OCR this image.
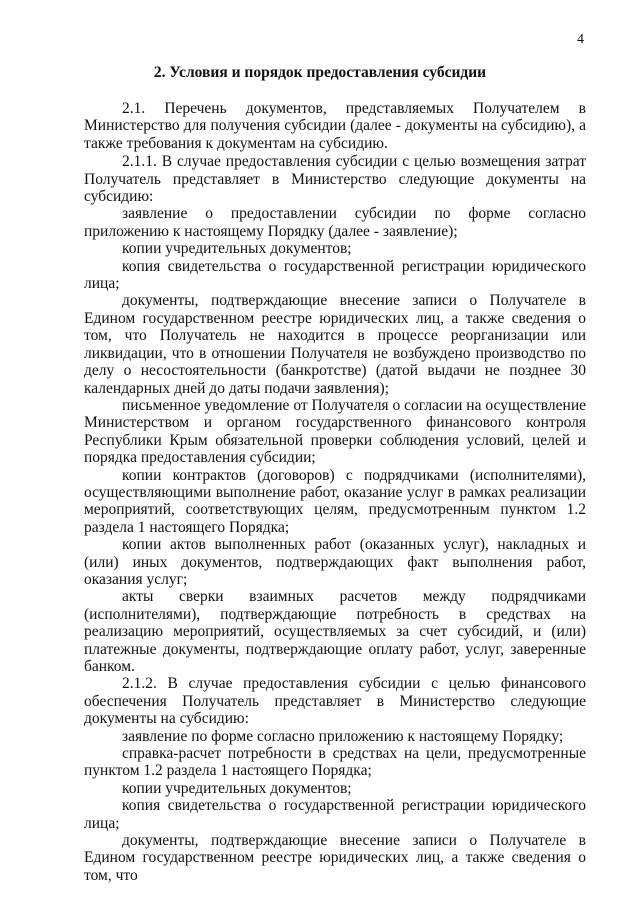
4
2. Условия и порядок предоставления субсидии

2.1. Перечень документов, представляемых Получателем в Министерство для получения субсидии (далее - документы на субсидию), а также требования к документам на субсидию.

2.1.1. В случае предоставления субсидии с целью возмещения затрат Получатель представляет в Министерство следующие документы на субсидию:

заявление о предоставлении субсидии по форме согласно приложению к настоящему Порядку (далее - заявление);

копии учредительных документов;

копия свидетельства о государственной регистрации юридического лица;

документы, подтверждающие внесение записи о Получателе в Едином государственном реестре юридических лиц, а также сведения о том, что Получатель не находится в процессе реорганизации или ликвидации, что в отношении Получателя не возбуждено производство по делу о несостоятельности (банкротстве) (датой выдачи не позднее 30 календарных дней до даты подачи заявления);

письменное уведомление от Получателя о согласии на осуществление Министерством и органом государственного финансового контроля Республики Крым обязательной проверки соблюдения условий, целей и порядка предоставления субсидии;

копии контрактов (договоров) с подрядчиками (исполнителями), осуществляющими выполнение работ, оказание услуг в рамках реализации мероприятий, соответствующих целям, предусмотренным пунктом 1.2 раздела 1 настоящего Порядка;

копии актов выполненных работ (оказанных услуг), накладных и (или) иных документов, подтверждающих факт выполнения работ, оказания услуг;

акты сверки взаимных расчетов между подрядчиками (исполнителями), подтверждающие потребность в средствах на реализацию мероприятий, осуществляемых за счет субсидий, и (или) платежные документы, подтверждающие оплату работ, услуг, заверенные банком.

2.1.2. В случае предоставления субсидии с целью финансового обеспечения Получатель представляет в Министерство следующие документы на субсидию:

заявление по форме согласно приложению к настоящему Порядку;

справка-расчет потребности в средствах на цели, предусмотренные пунктом 1.2 раздела 1 настоящего Порядка;

копии учредительных документов;

копия свидетельства о государственной регистрации юридического лица;

документы, подтверждающие внесение записи о Получателе в Едином государственном реестре юридических лиц, а также сведения о том, что
